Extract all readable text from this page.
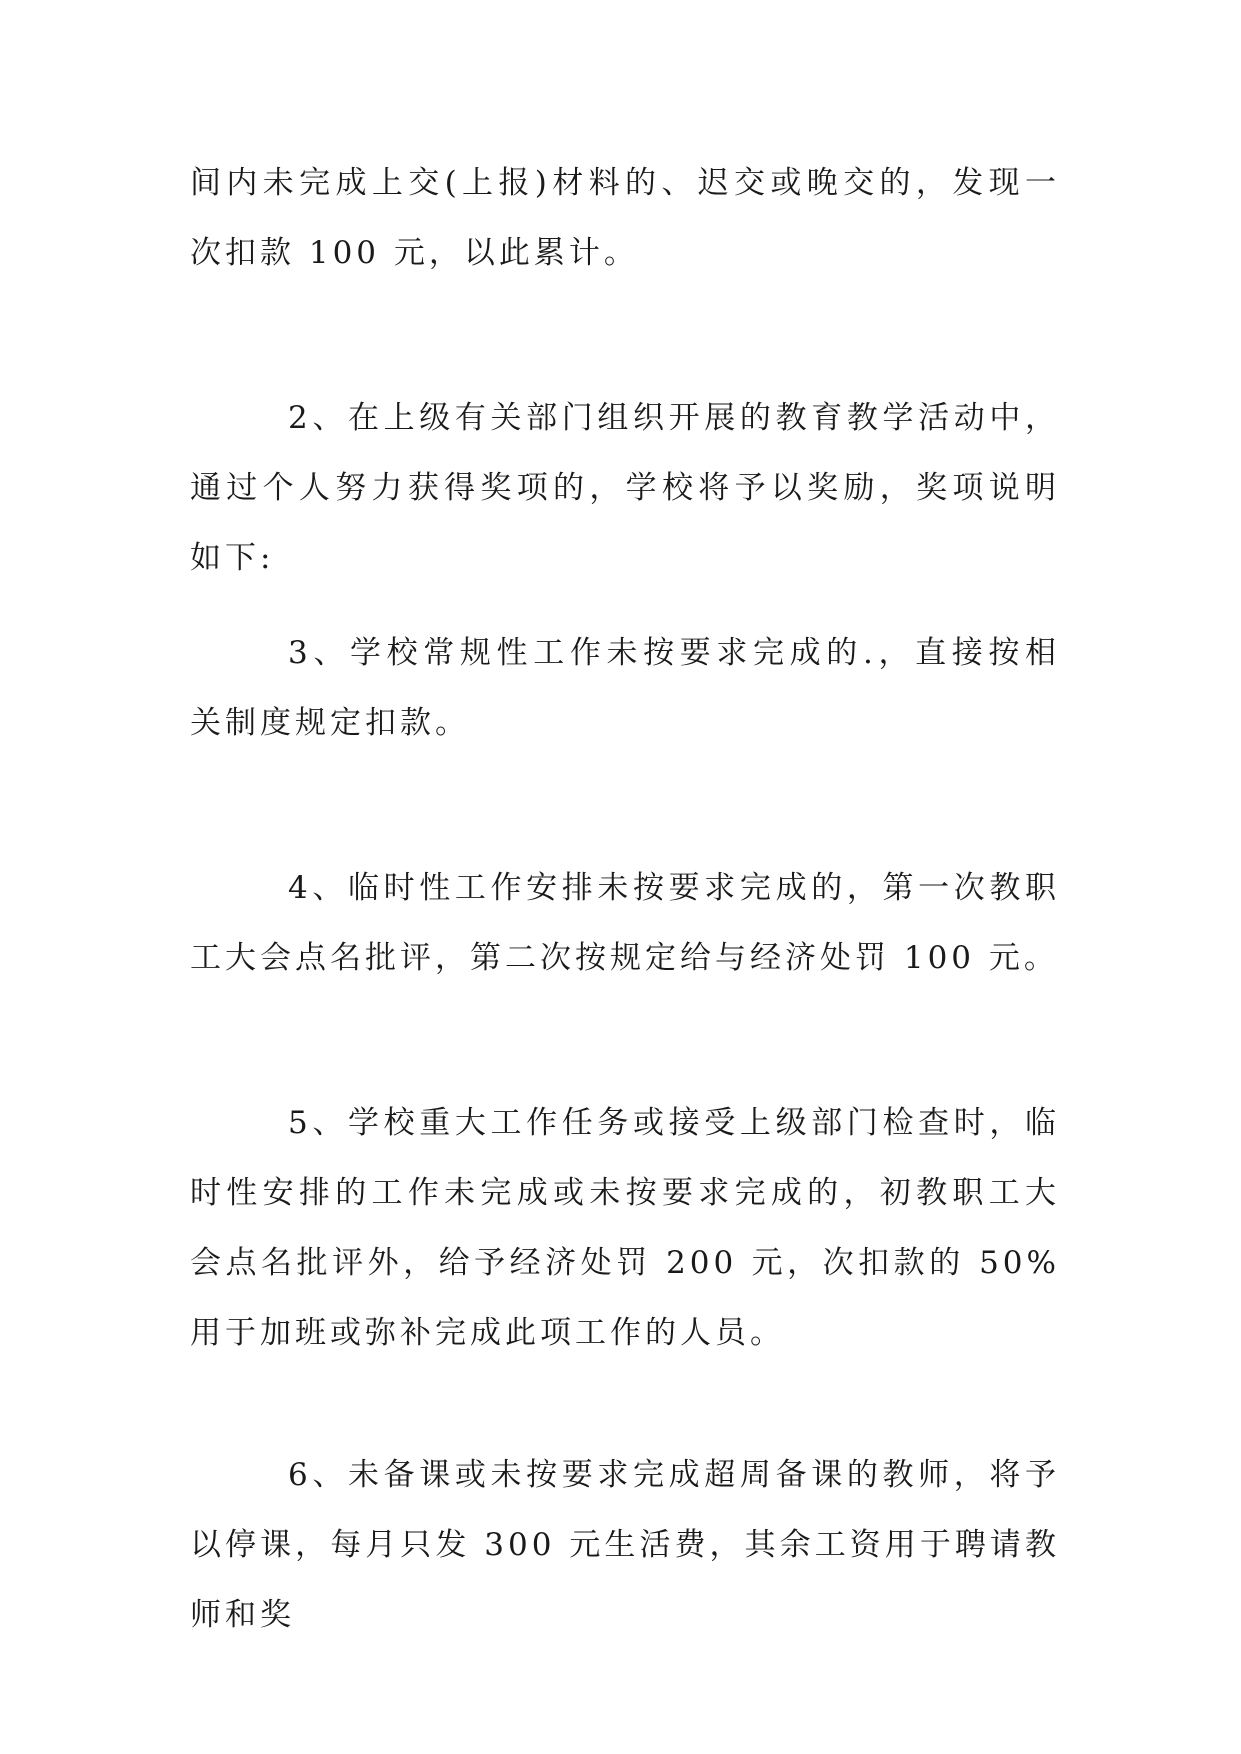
间内未完成上交(上报)材料的、迟交或晚交的，发现一次扣款 100 元，以此累计。

2、在上级有关部门组织开展的教育教学活动中，通过个人努力获得奖项的，学校将予以奖励，奖项说明如下:

3、学校常规性工作未按要求完成的.，直接按相关制度规定扣款。

4、临时性工作安排未按要求完成的，第一次教职工大会点名批评，第二次按规定给与经济处罚 100 元。

5、学校重大工作任务或接受上级部门检查时，临时性安排的工作未完成或未按要求完成的，初教职工大会点名批评外，给予经济处罚 200 元，次扣款的 50%用于加班或弥补完成此项工作的人员。

6、未备课或未按要求完成超周备课的教师，将予以停课，每月只发 300 元生活费，其余工资用于聘请教师和奖
